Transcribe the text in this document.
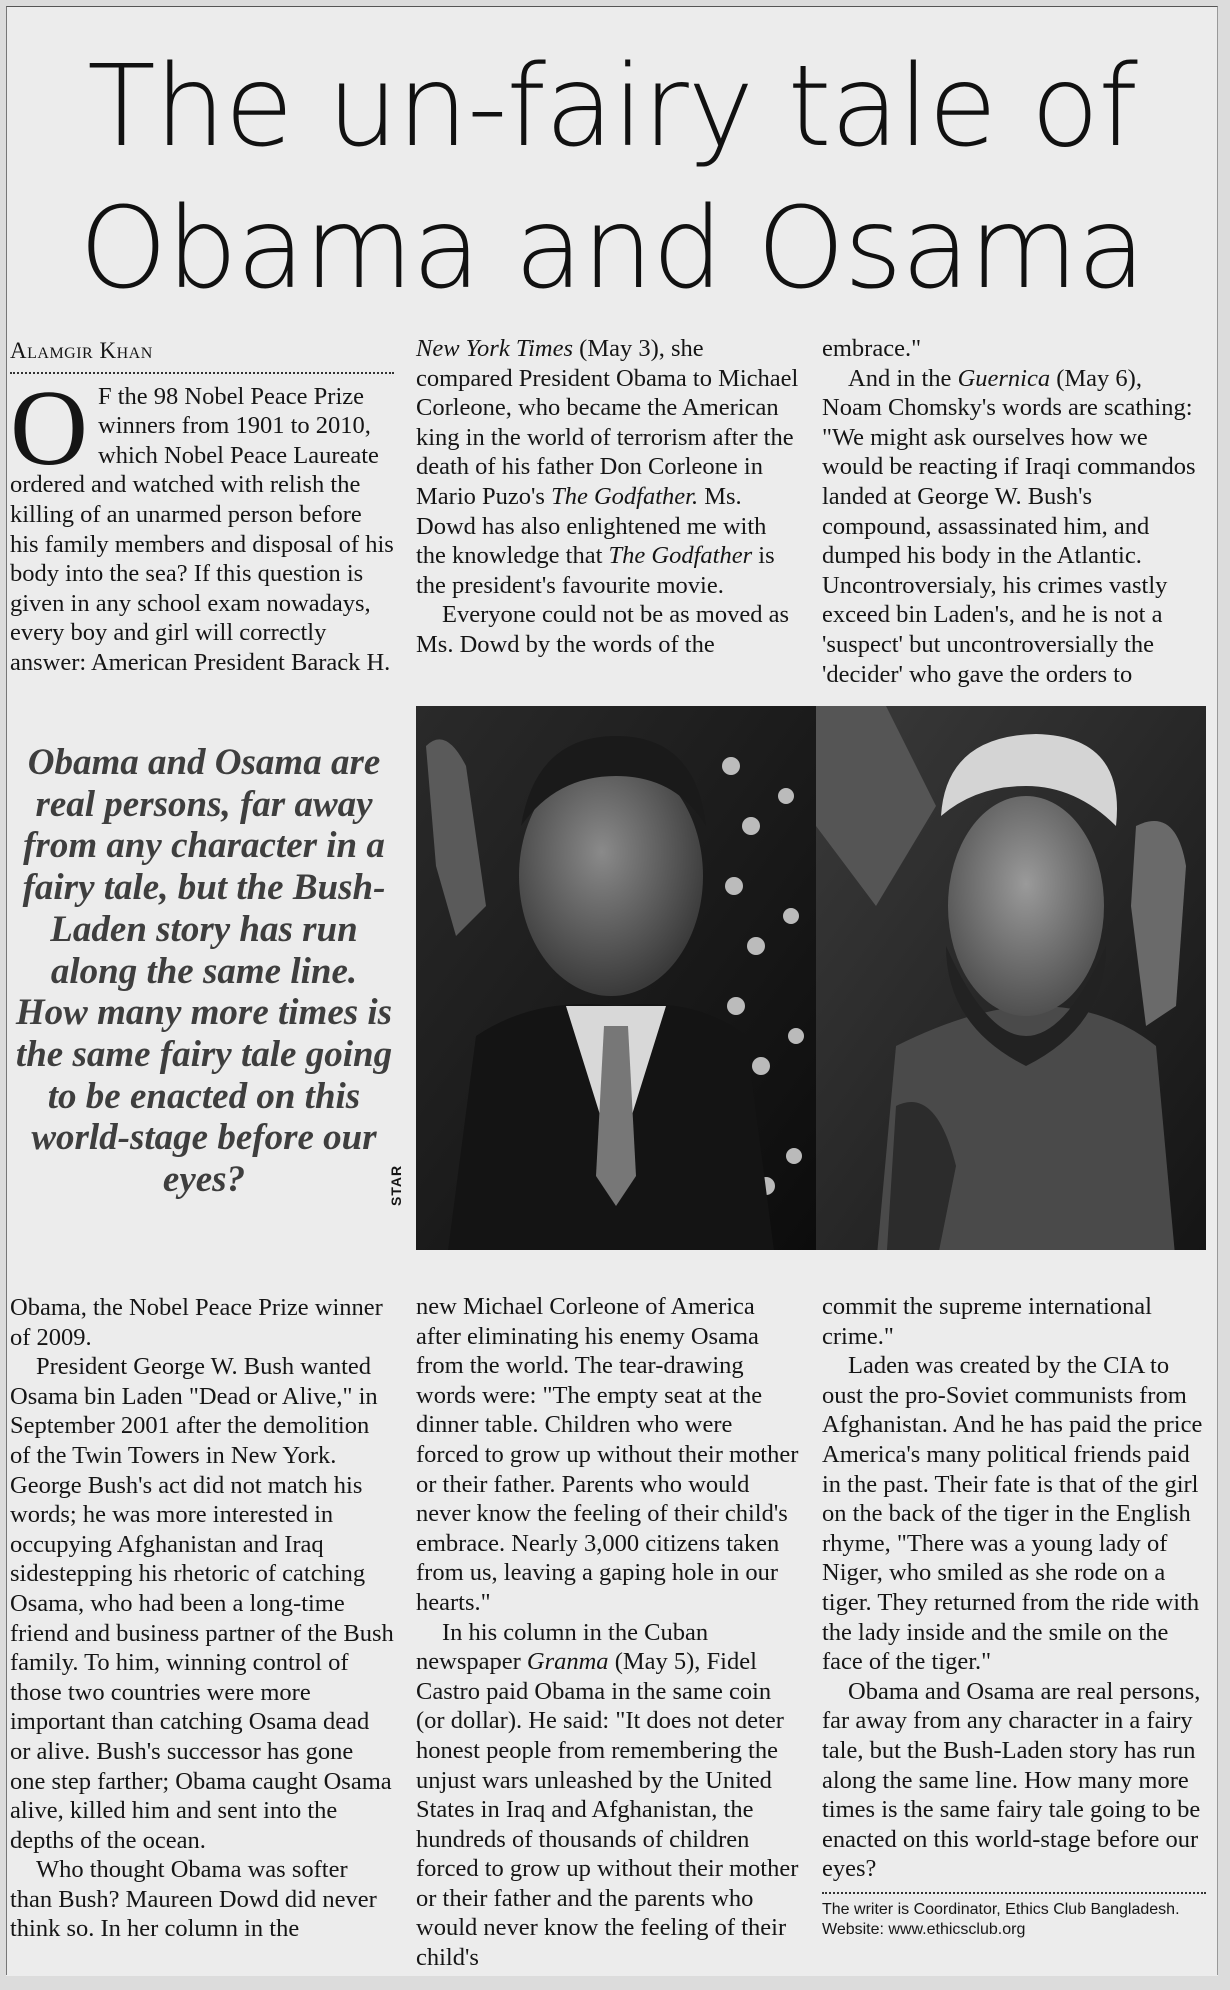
The un-fairy tale of
Obama and Osama
Alamgir Khan

O F the 98 Nobel Peace Prize winners from 1901 to 2010, which Nobel Peace Laureate ordered and watched with relish the killing of an unarmed person before his family members and disposal of his body into the sea? If this question is given in any school exam nowadays, every boy and girl will correctly answer: American President Barack H.

New York Times (May 3), she compared President Obama to Michael Corleone, who became the American king in the world of terrorism after the death of his father Don Corleone in Mario Puzo's The Godfather. Ms. Dowd has also enlightened me with the knowledge that The Godfather is the president's favourite movie.

Everyone could not be as moved as Ms. Dowd by the words of the

embrace."

And in the Guernica (May 6), Noam Chomsky's words are scathing: "We might ask ourselves how we would be reacting if Iraqi commandos landed at George W. Bush's compound, assassinated him, and dumped his body in the Atlantic. Uncontroversialy, his crimes vastly exceed bin Laden's, and he is not a 'suspect' but uncontroversially the 'decider' who gave the orders to

Obama and Osama are real persons, far away from any character in a fairy tale, but the Bush-Laden story has run along the same line. How many more times is the same fairy tale going to be enacted on this world-stage before our eyes?	STAR

Obama, the Nobel Peace Prize winner of 2009.

President George W. Bush wanted Osama bin Laden "Dead or Alive," in September 2001 after the demolition of the Twin Towers in New York. George Bush's act did not match his words; he was more interested in occupying Afghanistan and Iraq sidestepping his rhetoric of catching Osama, who had been a long-time friend and business partner of the Bush family. To him, winning control of those two countries were more important than catching Osama dead or alive. Bush's successor has gone one step farther; Obama caught Osama alive, killed him and sent into the depths of the ocean.

Who thought Obama was softer than Bush? Maureen Dowd did never think so. In her column in the

new Michael Corleone of America after eliminating his enemy Osama from the world. The tear-drawing words were: "The empty seat at the dinner table. Children who were forced to grow up without their mother or their father. Parents who would never know the feeling of their child's embrace. Nearly 3,000 citizens taken from us, leaving a gaping hole in our hearts."

In his column in the Cuban newspaper Granma (May 5), Fidel Castro paid Obama in the same coin (or dollar). He said: "It does not deter honest people from remembering the unjust wars unleashed by the United States in Iraq and Afghanistan, the hundreds of thousands of children forced to grow up without their mother or their father and the parents who would never know the feeling of their child's

commit the supreme international crime."

Laden was created by the CIA to oust the pro-Soviet communists from Afghanistan. And he has paid the price America's many political friends paid in the past. Their fate is that of the girl on the back of the tiger in the English rhyme, "There was a young lady of Niger, who smiled as she rode on a tiger. They returned from the ride with the lady inside and the smile on the face of the tiger."

Obama and Osama are real persons, far away from any character in a fairy tale, but the Bush-Laden story has run along the same line. How many more times is the same fairy tale going to be enacted on this world-stage before our eyes?

The writer is Coordinator, Ethics Club Bangladesh. Website: www.ethicsclub.org
